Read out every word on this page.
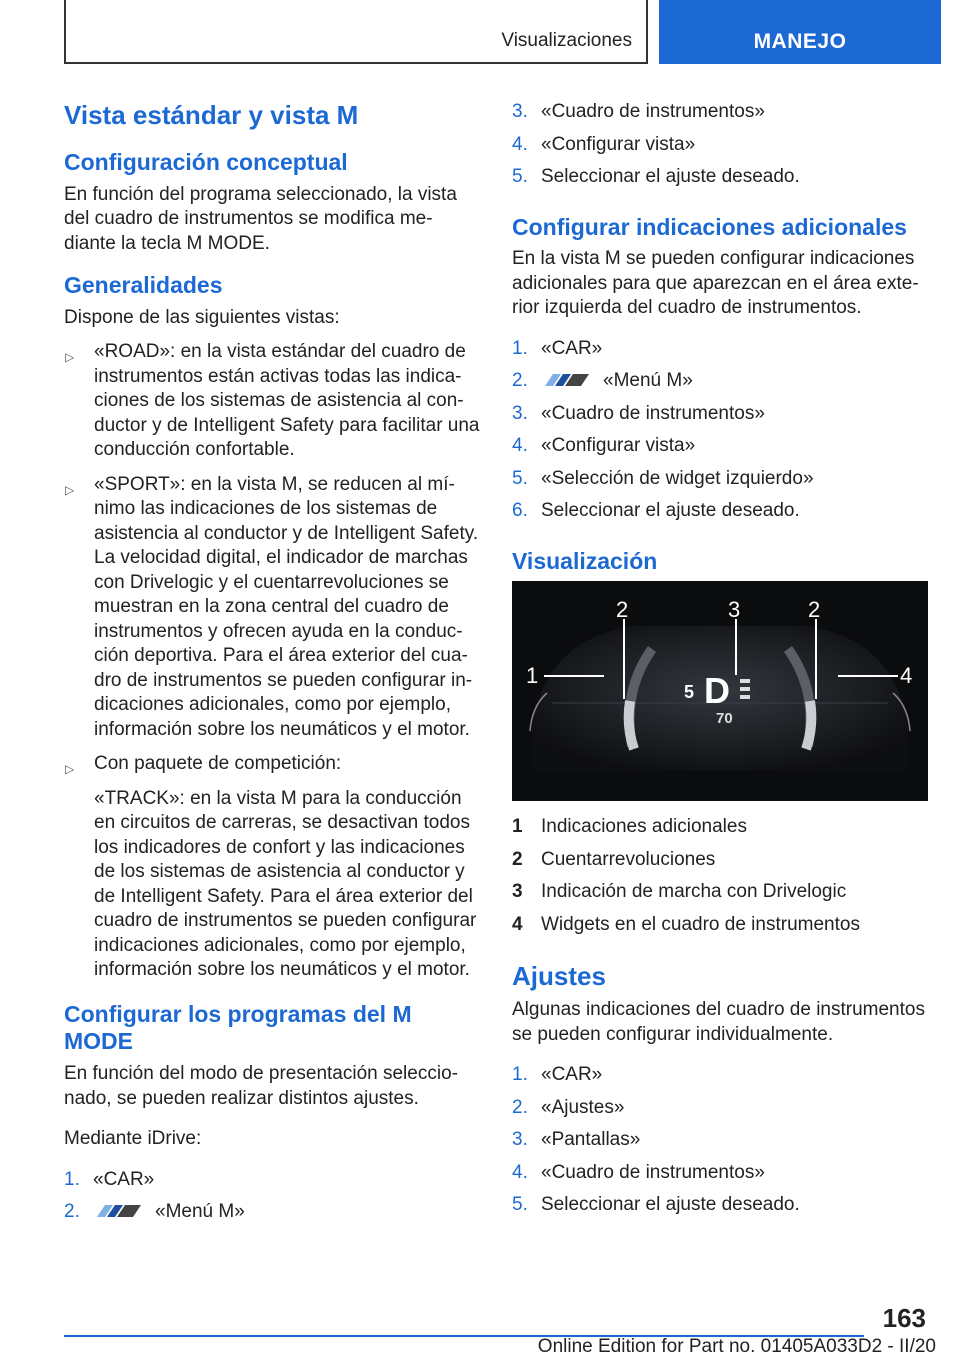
Visualizaciones	MANEJO
Vista estándar y vista M
Configuración conceptual

En función del programa seleccionado, la vista del cuadro de instrumentos se modifica me- diante la tecla M MODE.

Generalidades

Dispone de las siguientes vistas:

▷ «ROAD»: en la vista estándar del cuadro de instrumentos están activas todas las indica- ciones de los sistemas de asistencia al con- ductor y de Intelligent Safety para facilitar una conducción confortable.
▷ «SPORT»: en la vista M, se reducen al mí- nimo las indicaciones de los sistemas de asistencia al conductor y de Intelligent Safety. La velocidad digital, el indicador de marchas con Drivelogic y el cuentarrevoluciones se muestran en la zona central del cuadro de instrumentos y ofrecen ayuda en la conduc- ción deportiva. Para el área exterior del cua- dro de instrumentos se pueden configurar in- dicaciones adicionales, como por ejemplo, información sobre los neumáticos y el motor.
▷ Con paquete de competición:
«TRACK»: en la vista M para la conducción en circuitos de carreras, se desactivan todos los indicadores de confort y las indicaciones de los sistemas de asistencia al conductor y de Intelligent Safety. Para el área exterior del cuadro de instrumentos se pueden configurar indicaciones adicionales, como por ejemplo, información sobre los neumáticos y el motor.
Configurar los programas del M MODE

En función del modo de presentación seleccio- nado, se pueden realizar distintos ajustes.

Mediante iDrive:

1. «CAR»
2.	«Menú M»
3. «Cuadro de instrumentos»
4. «Configurar vista»
5. Seleccionar el ajuste deseado.
Configurar indicaciones adicionales

En la vista M se pueden configurar indicaciones adicionales para que aparezcan en el área exte- rior izquierda del cuadro de instrumentos.

1. «CAR»
2.	«Menú M»
3. «Cuadro de instrumentos»
4. «Configurar vista»
5. «Selección de widget izquierdo»
6. Seleccionar el ajuste deseado.
Visualización
1
2	3	2
4
5 D
70
1 Indicaciones adicionales
2 Cuentarrevoluciones
3 Indicación de marcha con Drivelogic
4 Widgets en el cuadro de instrumentos
Ajustes

Algunas indicaciones del cuadro de instrumentos se pueden configurar individualmente.

1. «CAR»
2. «Ajustes»
3. «Pantallas»
4. «Cuadro de instrumentos»
5. Seleccionar el ajuste deseado.
163
Online Edition for Part no. 01405A033D2 - II/20
